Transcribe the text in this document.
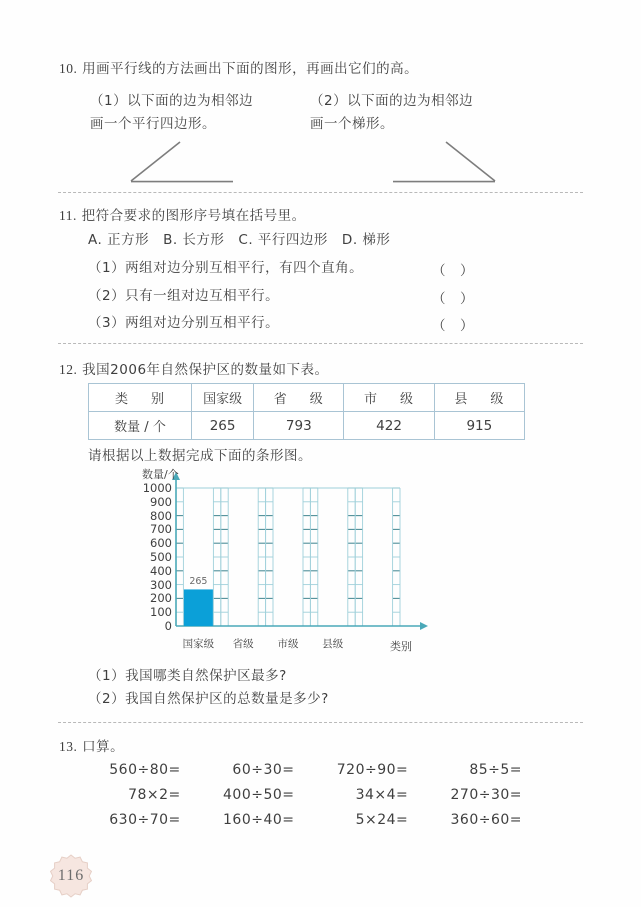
10. 用画平行线的方法画出下面的图形，再画出它们的高。
（1）以下面的边为相邻边
画一个平行四边形。
（2）以下面的边为相邻边
画一个梯形。
11. 把符合要求的图形序号填在括号里。
A. 正方形　B. 长方形　C. 平行四边形　D. 梯形
（1）两组对边分别互相平行，有四个直角。	（　）
（2）只有一组对边互相平行。	（　）
（3）两组对边分别互相平行。	（　）
12. 我国2006年自然保护区的数量如下表。
类　别	国家级	省　级	市　级	县　级
数量 / 个	265	793	422	915
请根据以上数据完成下面的条形图。
数量/个
类别
265
1000
900
800
700
600
500
400
300
200
100
0
国家级	省级	市级	县级
（1）我国哪类自然保护区最多?
（2）我国自然保护区的总数量是多少?
13. 口算。
560÷80=	60÷30=	720÷90=	85÷5=
78×2=	400÷50=	34×4=	270÷30=
630÷70=	160÷40=	5×24=	360÷60=
116
